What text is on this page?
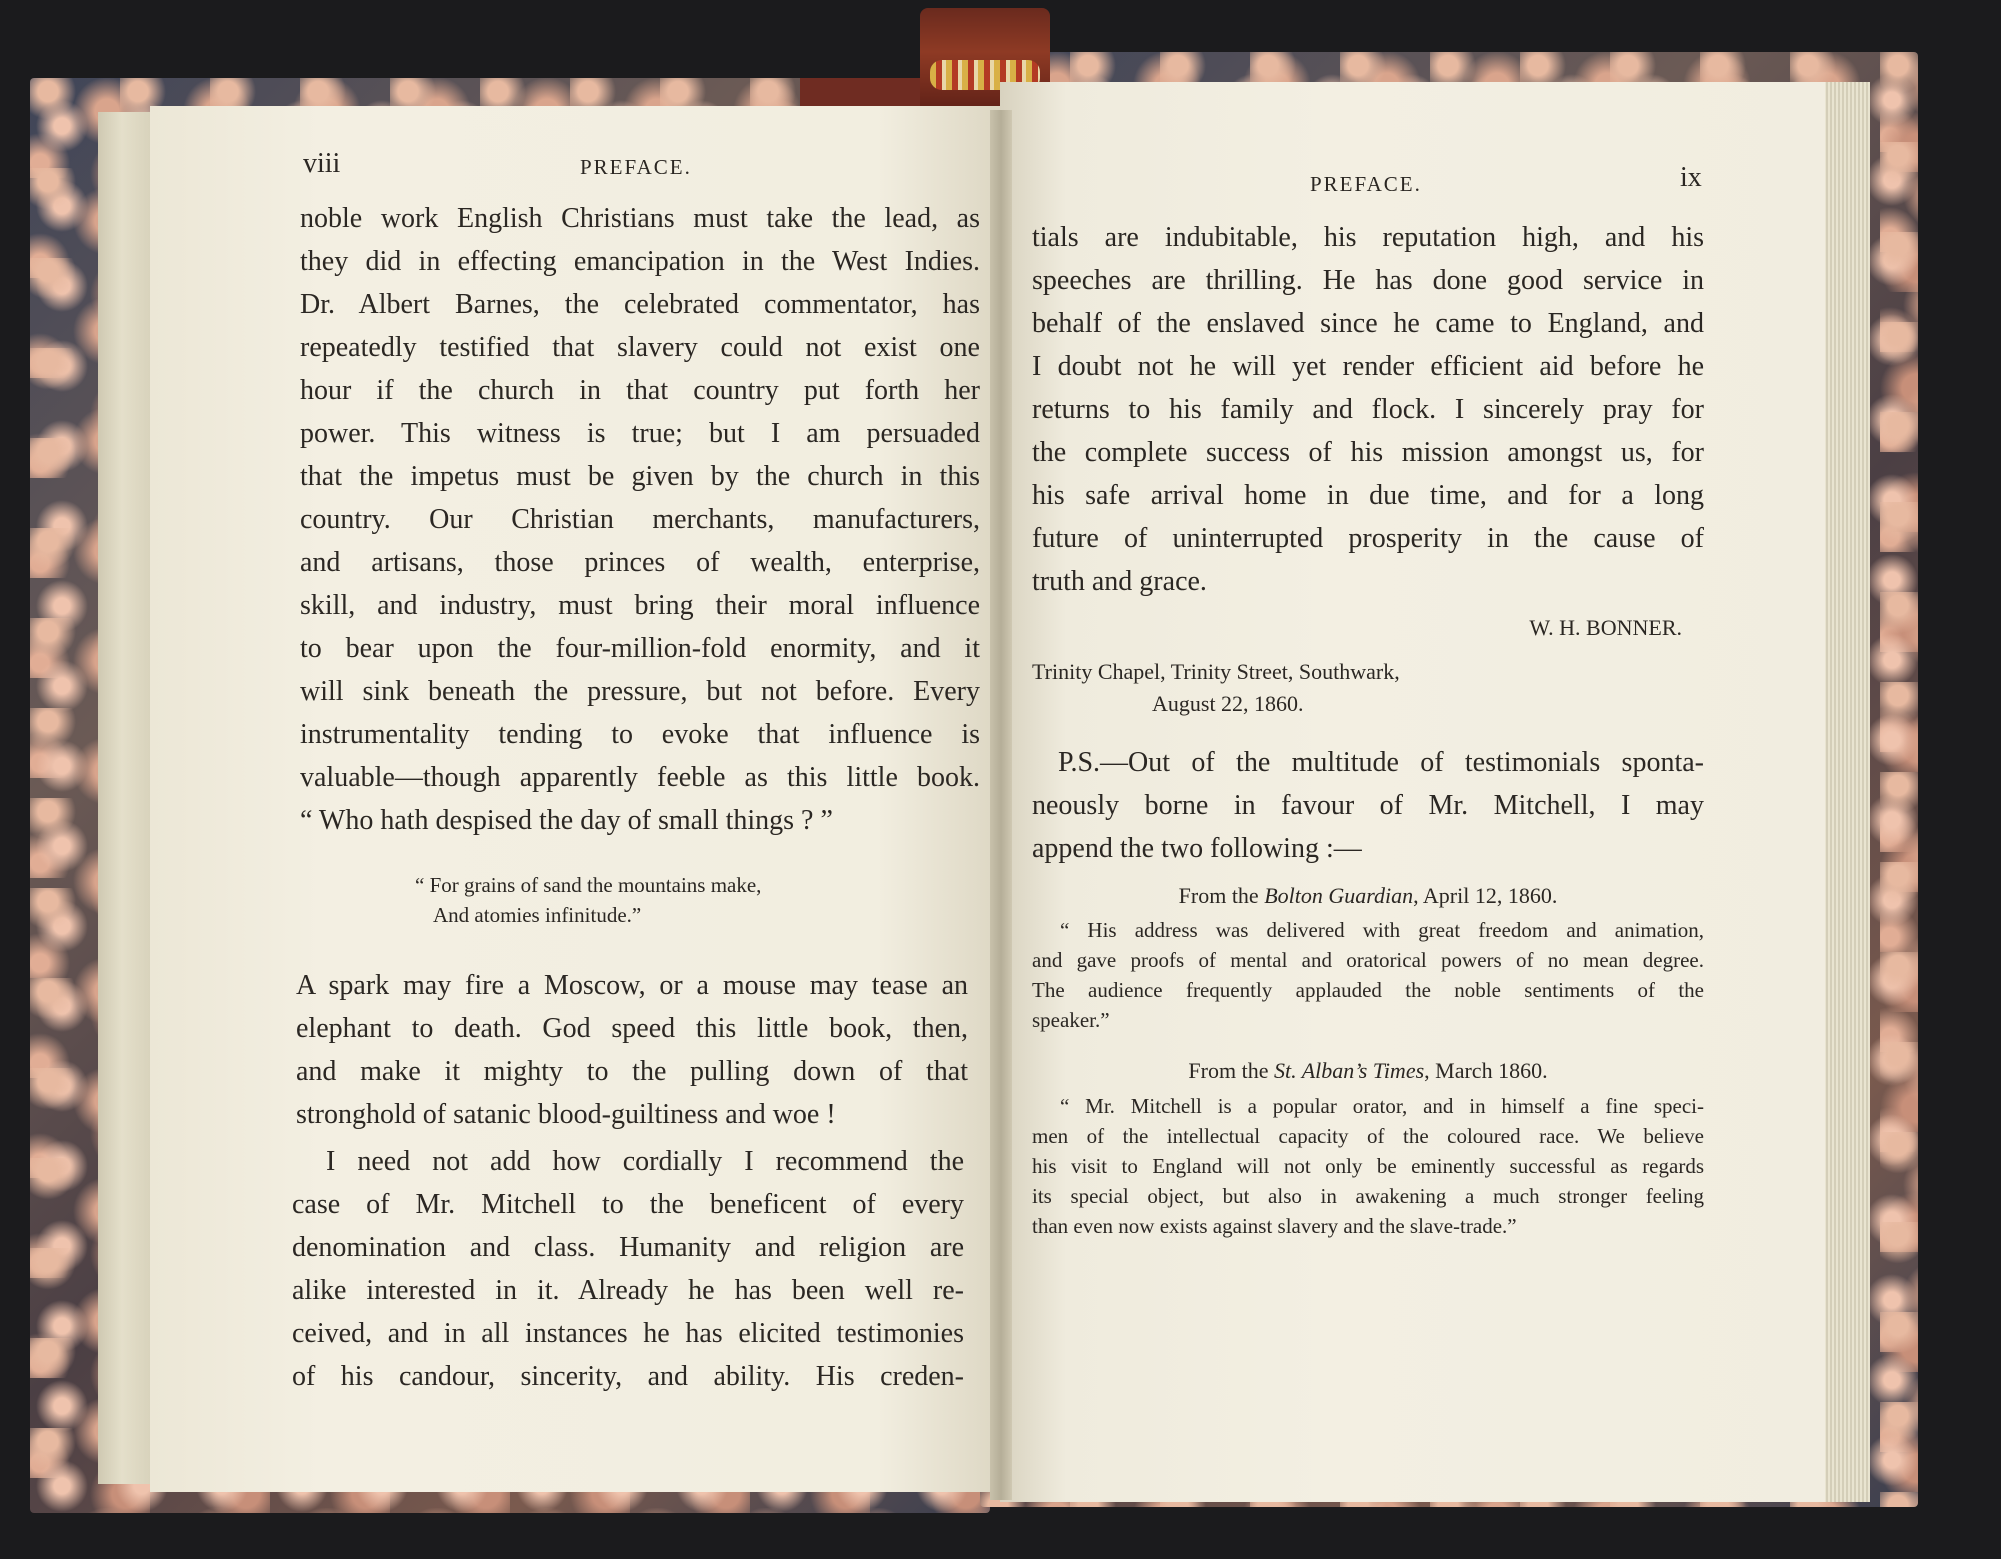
viii	PREFACE.
noble work English Christians must take the lead, as
they did in effecting emancipation in the West Indies.
Dr. Albert Barnes, the celebrated commentator, has
repeatedly testified that slavery could not exist one
hour if the church in that country put forth her
power. This witness is true; but I am persuaded
that the impetus must be given by the church in this
country. Our Christian merchants, manufacturers,
and artisans, those princes of wealth, enterprise,
skill, and industry, must bring their moral influence
to bear upon the four-million-fold enormity, and it
will sink beneath the pressure, but not before. Every
instrumentality tending to evoke that influence is
valuable—though apparently feeble as this little book.
“ Who hath despised the day of small things ? ”
“ For grains of sand the mountains make,
And atomies infinitude.”
A spark may fire a Moscow, or a mouse may tease an
elephant to death. God speed this little book, then,
and make it mighty to the pulling down of that
stronghold of satanic blood-guiltiness and woe !
I need not add how cordially I recommend the
case of Mr. Mitchell to the beneficent of every
denomination and class. Humanity and religion are
alike interested in it. Already he has been well re-
ceived, and in all instances he has elicited testimonies
of his candour, sincerity, and ability. His creden-
PREFACE.	ix
tials are indubitable, his reputation high, and his
speeches are thrilling. He has done good service in
behalf of the enslaved since he came to England, and
I doubt not he will yet render efficient aid before he
returns to his family and flock. I sincerely pray for
the complete success of his mission amongst us, for
his safe arrival home in due time, and for a long
future of uninterrupted prosperity in the cause of
truth and grace.
W. H. BONNER.
Trinity Chapel, Trinity Street, Southwark,
August 22, 1860.
P.S.—Out of the multitude of testimonials sponta-
neously borne in favour of Mr. Mitchell, I may
append the two following :—
From the Bolton Guardian, April 12, 1860.
“ His address was delivered with great freedom and animation,
and gave proofs of mental and oratorical powers of no mean degree.
The audience frequently applauded the noble sentiments of the
speaker.”
From the St. Alban’s Times, March 1860.
“ Mr. Mitchell is a popular orator, and in himself a fine speci-
men of the intellectual capacity of the coloured race. We believe
his visit to England will not only be eminently successful as regards
its special object, but also in awakening a much stronger feeling
than even now exists against slavery and the slave-trade.”
